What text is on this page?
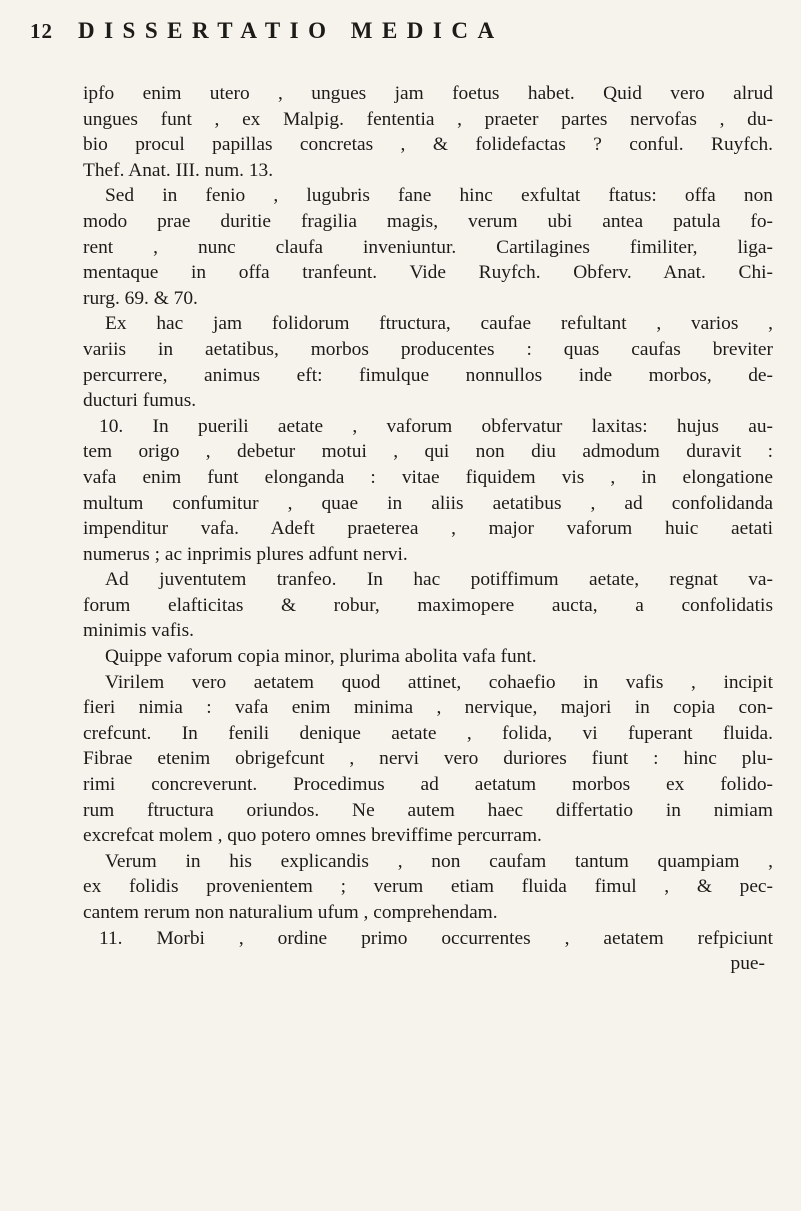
12	DISSERTATIO MEDICA
ipfo enim utero , ungues jam foetus habet. Quid vero alrud
ungues funt , ex Malpig. fententia , praeter partes nervofas , du-
bio procul papillas concretas , & folidefactas ? conful. Ruyfch.
Thef. Anat. III. num. 13.
Sed in fenio , lugubris fane hinc exfultat ftatus: offa non
modo prae duritie fragilia magis, verum ubi antea patula fo-
rent , nunc claufa inveniuntur. Cartilagines fimiliter, liga-
mentaque in offa tranfeunt. Vide Ruyfch. Obferv. Anat. Chi-
rurg. 69. & 70.
Ex hac jam folidorum ftructura, caufae refultant , varios ,
variis in aetatibus, morbos producentes : quas caufas breviter
percurrere, animus eft: fimulque nonnullos inde morbos, de-
ducturi fumus.
10. In puerili aetate , vaforum obfervatur laxitas: hujus au-
tem origo , debetur motui , qui non diu admodum duravit :
vafa enim funt elonganda : vitae fiquidem vis , in elongatione
multum confumitur , quae in aliis aetatibus , ad confolidanda
impenditur vafa. Adeft praeterea , major vaforum huic aetati
numerus ; ac inprimis plures adfunt nervi.
Ad juventutem tranfeo. In hac potiffimum aetate, regnat va-
forum elafticitas & robur, maximopere aucta, a confolidatis
minimis vafis.
Quippe vaforum copia minor, plurima abolita vafa funt.
Virilem vero aetatem quod attinet, cohaefio in vafis , incipit
fieri nimia : vafa enim minima , nervique, majori in copia con-
crefcunt. In fenili denique aetate , folida, vi fuperant fluida.
Fibrae etenim obrigefcunt , nervi vero duriores fiunt : hinc plu-
rimi concreverunt. Procedimus ad aetatum morbos ex folido-
rum ftructura oriundos. Ne autem haec differtatio in nimiam
excrefcat molem , quo potero omnes breviffime percurram.
Verum in his explicandis , non caufam tantum quampiam ,
ex folidis provenientem ; verum etiam fluida fimul , & pec-
cantem rerum non naturalium ufum , comprehendam.
11. Morbi , ordine primo occurrentes , aetatem refpiciunt
pue-
